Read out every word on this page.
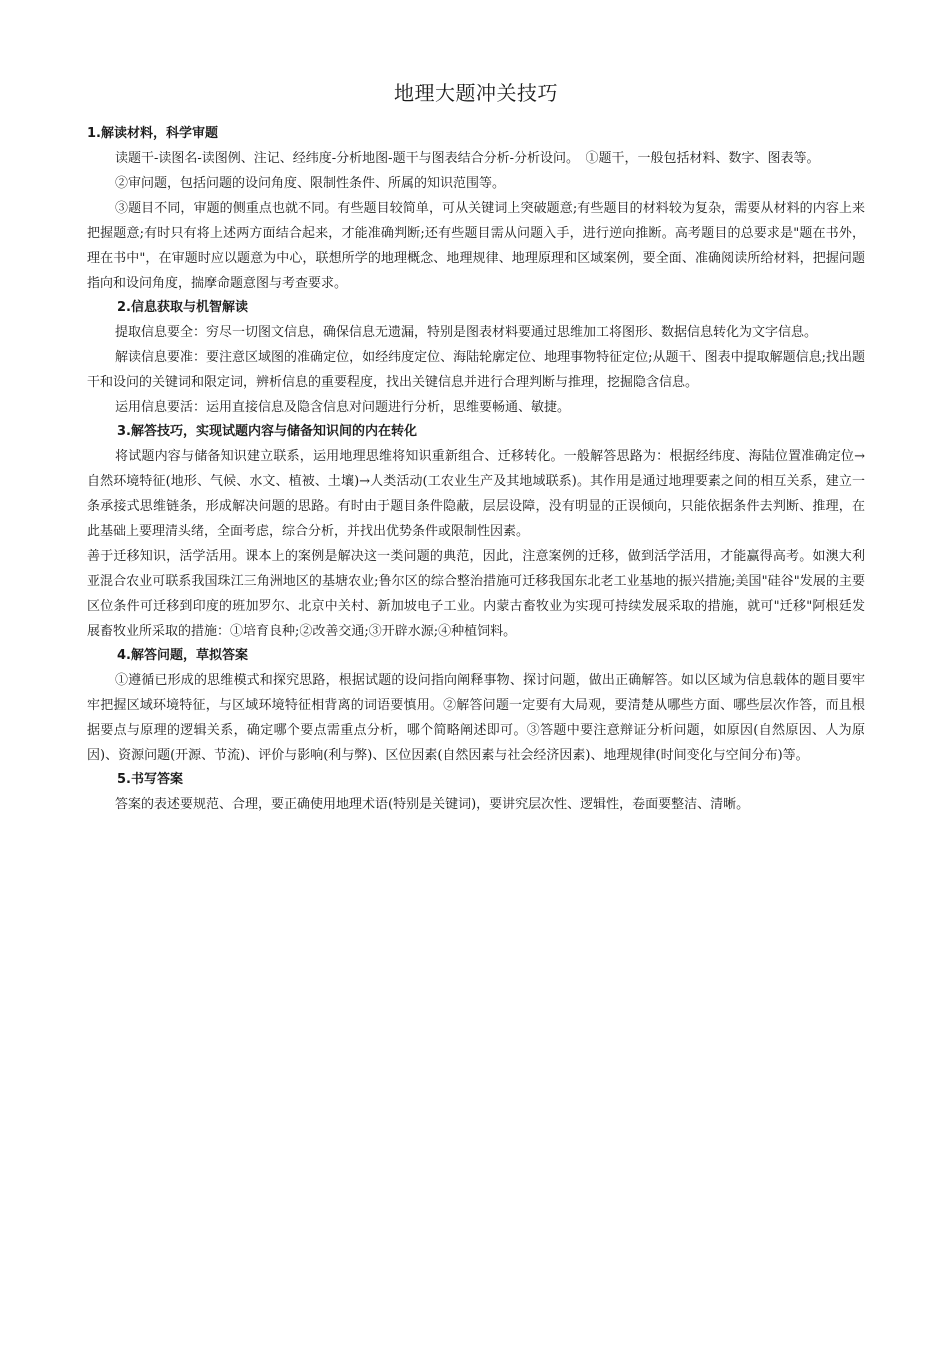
地理大题冲关技巧

1.解读材料，科学审题

读题干-读图名-读图例、注记、经纬度-分析地图-题干与图表结合分析-分析设问。　①题干，一般包括材料、数字、图表等。

②审问题，包括问题的设问角度、限制性条件、所属的知识范围等。

③题目不同，审题的侧重点也就不同。有些题目较简单，可从关键词上突破题意;有些题目的材料较为复杂，需要从材料的内容上来把握题意;有时只有将上述两方面结合起来，才能准确判断;还有些题目需从问题入手，进行逆向推断。高考题目的总要求是"题在书外，理在书中"，在审题时应以题意为中心，联想所学的地理概念、地理规律、地理原理和区域案例，要全面、准确阅读所给材料，把握问题指向和设问角度，揣摩命题意图与考查要求。

2.信息获取与机智解读

提取信息要全：穷尽一切图文信息，确保信息无遗漏，特别是图表材料要通过思维加工将图形、数据信息转化为文字信息。

解读信息要准：要注意区域图的准确定位，如经纬度定位、海陆轮廓定位、地理事物特征定位;从题干、图表中提取解题信息;找出题干和设问的关键词和限定词，辨析信息的重要程度，找出关键信息并进行合理判断与推理，挖掘隐含信息。

运用信息要活：运用直接信息及隐含信息对问题进行分析，思维要畅通、敏捷。

3.解答技巧，实现试题内容与储备知识间的内在转化

将试题内容与储备知识建立联系，运用地理思维将知识重新组合、迁移转化。一般解答思路为：根据经纬度、海陆位置准确定位→自然环境特征(地形、气候、水文、植被、土壤)→人类活动(工农业生产及其地域联系)。其作用是通过地理要素之间的相互关系，建立一条承接式思维链条，形成解决问题的思路。有时由于题目条件隐蔽，层层设障，没有明显的正误倾向，只能依据条件去判断、推理，在此基础上要理清头绪，全面考虑，综合分析，并找出优势条件或限制性因素。

善于迁移知识，活学活用。课本上的案例是解决这一类问题的典范，因此，注意案例的迁移，做到活学活用，才能赢得高考。如澳大利亚混合农业可联系我国珠江三角洲地区的基塘农业;鲁尔区的综合整治措施可迁移我国东北老工业基地的振兴措施;美国"硅谷"发展的主要区位条件可迁移到印度的班加罗尔、北京中关村、新加坡电子工业。内蒙古畜牧业为实现可持续发展采取的措施，就可"迁移"阿根廷发展畜牧业所采取的措施：①培育良种;②改善交通;③开辟水源;④种植饲料。

4.解答问题，草拟答案

①遵循已形成的思维模式和探究思路，根据试题的设问指向阐释事物、探讨问题，做出正确解答。如以区域为信息载体的题目要牢牢把握区域环境特征，与区域环境特征相背离的词语要慎用。②解答问题一定要有大局观，要清楚从哪些方面、哪些层次作答，而且根据要点与原理的逻辑关系，确定哪个要点需重点分析，哪个简略阐述即可。③答题中要注意辩证分析问题，如原因(自然原因、人为原因)、资源问题(开源、节流)、评价与影响(利与弊)、区位因素(自然因素与社会经济因素)、地理规律(时间变化与空间分布)等。

5.书写答案

答案的表述要规范、合理，要正确使用地理术语(特别是关键词)，要讲究层次性、逻辑性，卷面要整洁、清晰。
